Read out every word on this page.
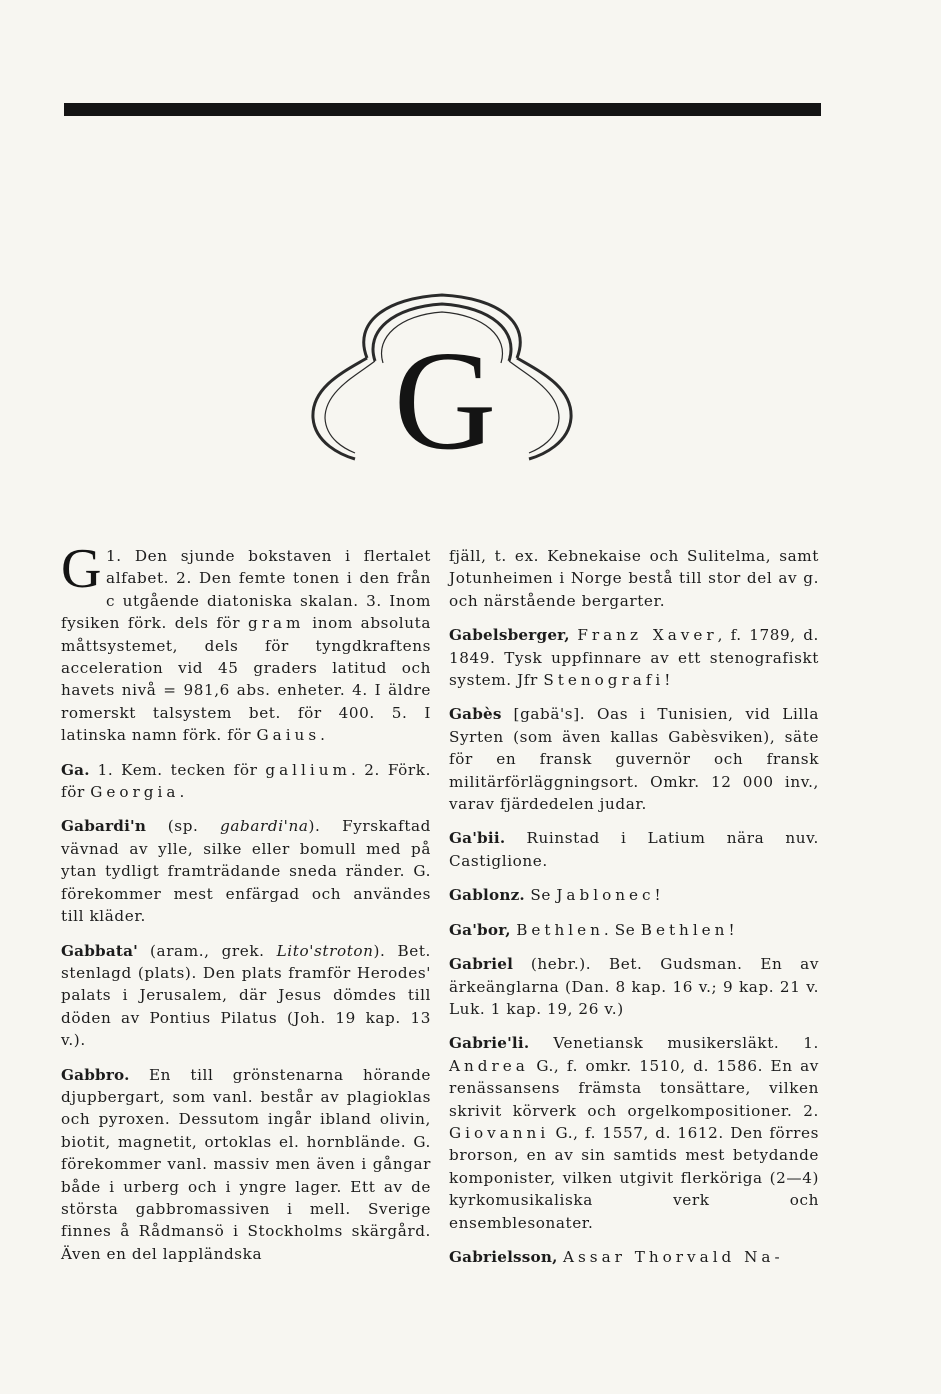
G

G 1. Den sjunde bokstaven i flertalet alfabet. 2. Den femte tonen i den från c utgående diatoniska skalan. 3. Inom fysiken förk. dels för gram inom absoluta måttsystemet, dels för tyngdkraftens acceleration vid 45 graders latitud och havets nivå = 981,6 abs. enheter. 4. I äldre romerskt talsystem bet. för 400. 5. I latinska namn förk. för Gaius.

Ga. 1. Kem. tecken för gallium. 2. Förk. för Georgia.

Gabardi'n (sp. gabardi'na). Fyrskaftad vävnad av ylle, silke eller bomull med på ytan tydligt framträdande sneda ränder. G. förekommer mest enfärgad och användes till kläder.

Gabbata' (aram., grek. Lito'stroton). Bet. stenlagd (plats). Den plats framför Herodes' palats i Jerusalem, där Jesus dömdes till döden av Pontius Pilatus (Joh. 19 kap. 13 v.).

Gabbro. En till grönstenarna hörande djupbergart, som vanl. består av plagioklas och pyroxen. Dessutom ingår ibland olivin, biotit, magnetit, ortoklas el. hornblände. G. förekommer vanl. massiv men även i gångar både i urberg och i yngre lager. Ett av de största gabbromassiven i mell. Sverige finnes å Rådmansö i Stockholms skärgård. Även en del lappländska

fjäll, t. ex. Kebnekaise och Sulitelma, samt Jotunheimen i Norge bestå till stor del av g. och närstående bergarter.

Gabelsberger, Franz Xaver, f. 1789, d. 1849. Tysk uppfinnare av ett stenografiskt system. Jfr Stenografi!

Gabès [gabä's]. Oas i Tunisien, vid Lilla Syrten (som även kallas Gabèsviken), säte för en fransk guvernör och fransk militärförläggningsort. Omkr. 12 000 inv., varav fjärdedelen judar.

Ga'bii. Ruinstad i Latium nära nuv. Castiglione.

Gablonz. Se Jablonec!

Ga'bor, Bethlen. Se Bethlen!

Gabriel (hebr.). Bet. Gudsman. En av ärkeänglarna (Dan. 8 kap. 16 v.; 9 kap. 21 v. Luk. 1 kap. 19, 26 v.)

Gabrie'li. Venetiansk musikersläkt. 1. Andrea G., f. omkr. 1510, d. 1586. En av renässansens främsta tonsättare, vilken skrivit körverk och orgelkompositioner. 2. Giovanni G., f. 1557, d. 1612. Den förres brorson, en av sin samtids mest betydande komponister, vilken utgivit flerköriga (2—4) kyrkomusikaliska verk och ensemblesonater.

Gabrielsson, Assar Thorvald Na-
